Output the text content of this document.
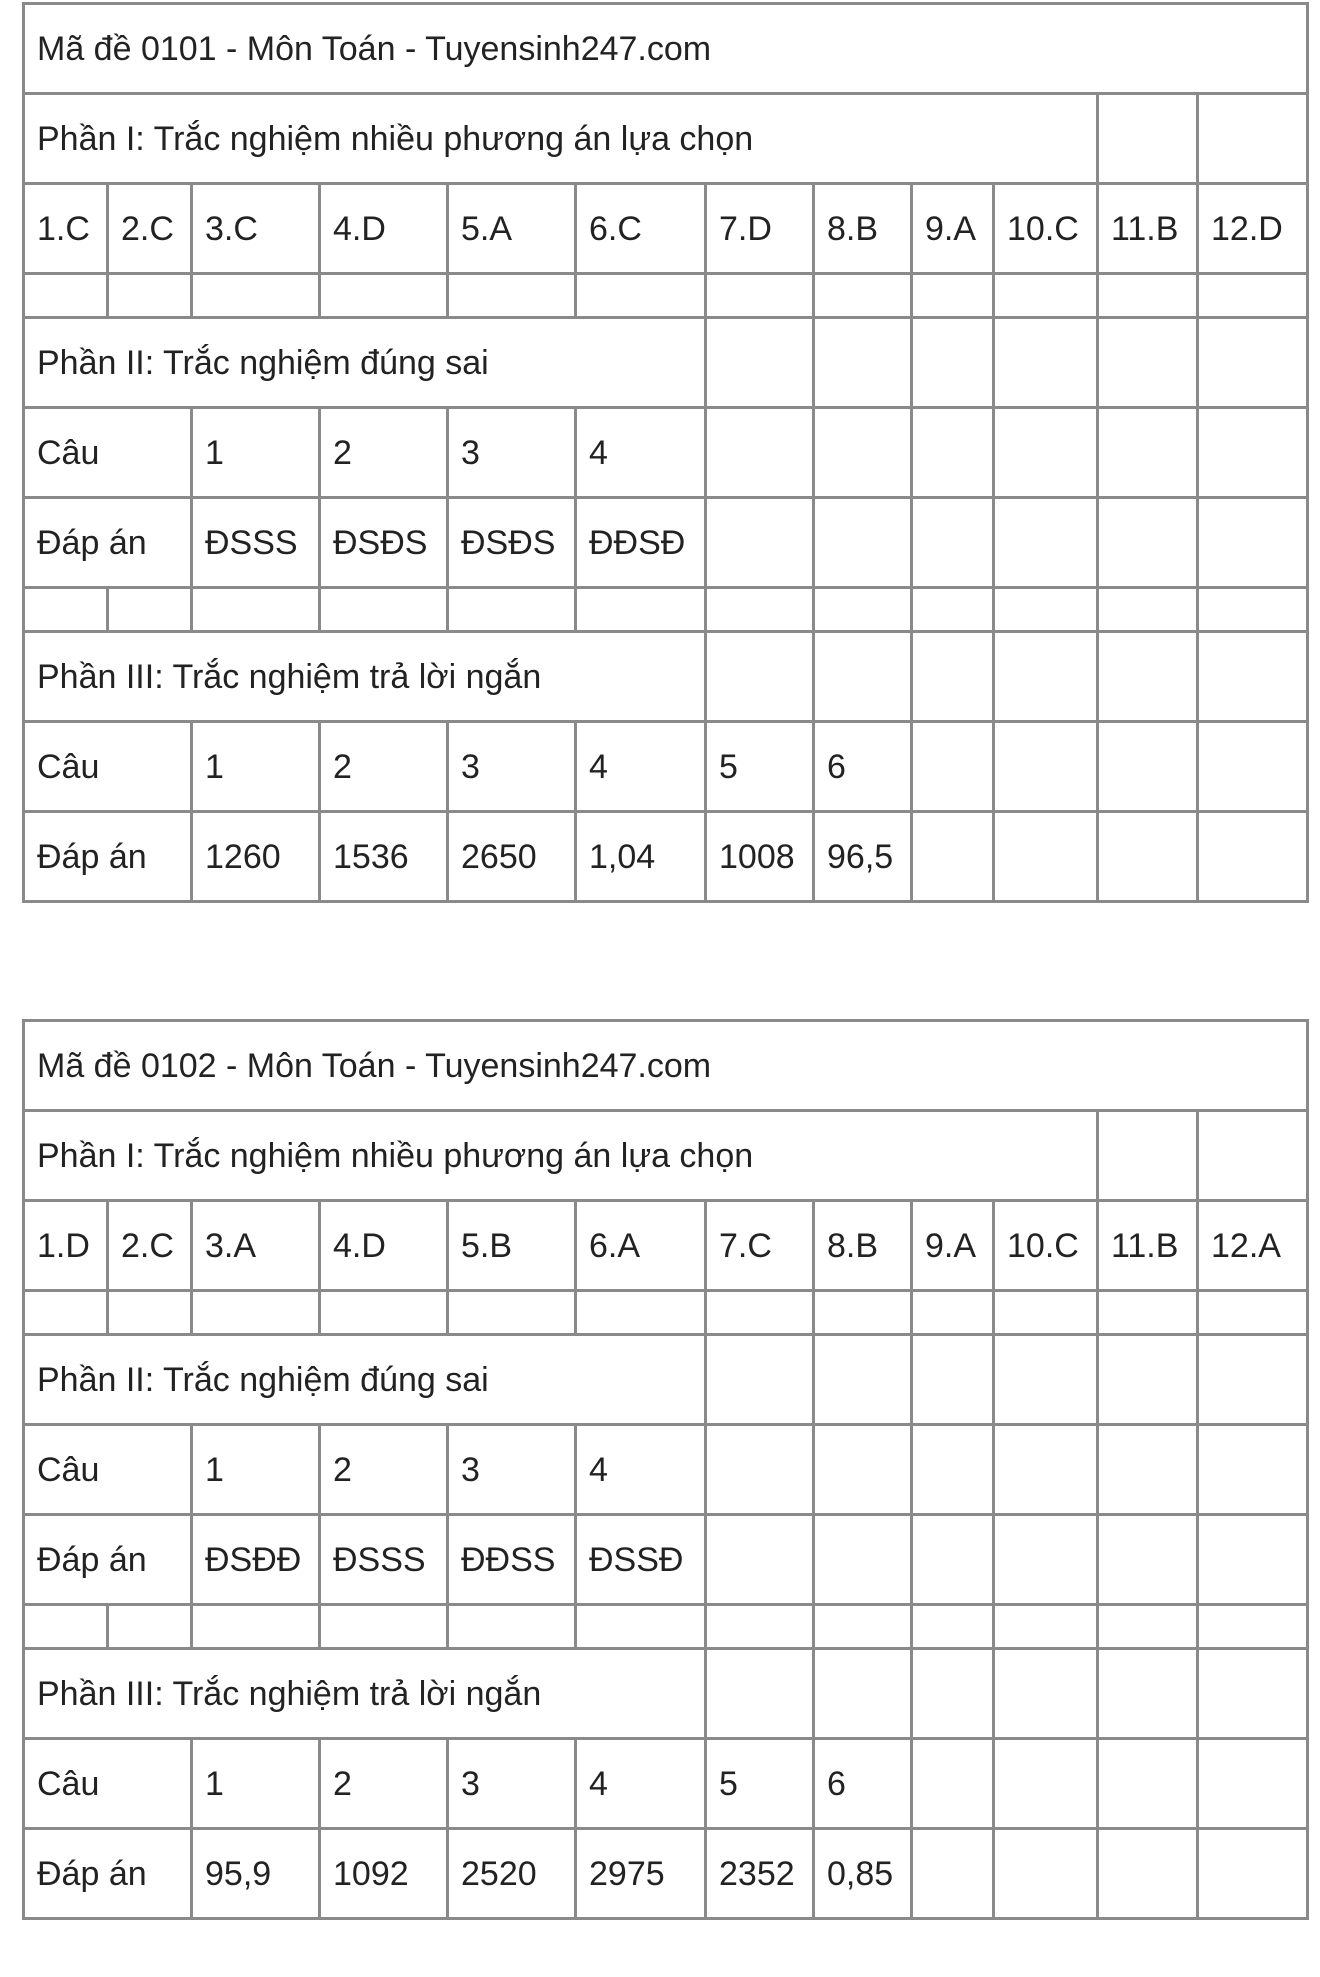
Mã đề 0101 - Môn Toán - Tuyensinh247.com											
Phần I: Trắc nghiệm nhiều phương án lựa chọn											
1.C	2.C	3.C	4.D	5.A	6.C	7.D	8.B	9.A	10.C	11.B	12.D

Phần II: Trắc nghiệm đúng sai											
Câu		1	2	3	4						
Đáp án		ĐSSS	ĐSĐS	ĐSĐS	ĐĐSĐ						

Phần III: Trắc nghiệm trả lời ngắn											
Câu		1	2	3	4	5	6				
Đáp án		1260	1536	2650	1,04	1008	96,5				
Mã đề 0102 - Môn Toán - Tuyensinh247.com											
Phần I: Trắc nghiệm nhiều phương án lựa chọn											
1.D	2.C	3.A	4.D	5.B	6.A	7.C	8.B	9.A	10.C	11.B	12.A

Phần II: Trắc nghiệm đúng sai											
Câu		1	2	3	4						
Đáp án		ĐSĐĐ	ĐSSS	ĐĐSS	ĐSSĐ						

Phần III: Trắc nghiệm trả lời ngắn											
Câu		1	2	3	4	5	6				
Đáp án		95,9	1092	2520	2975	2352	0,85				
